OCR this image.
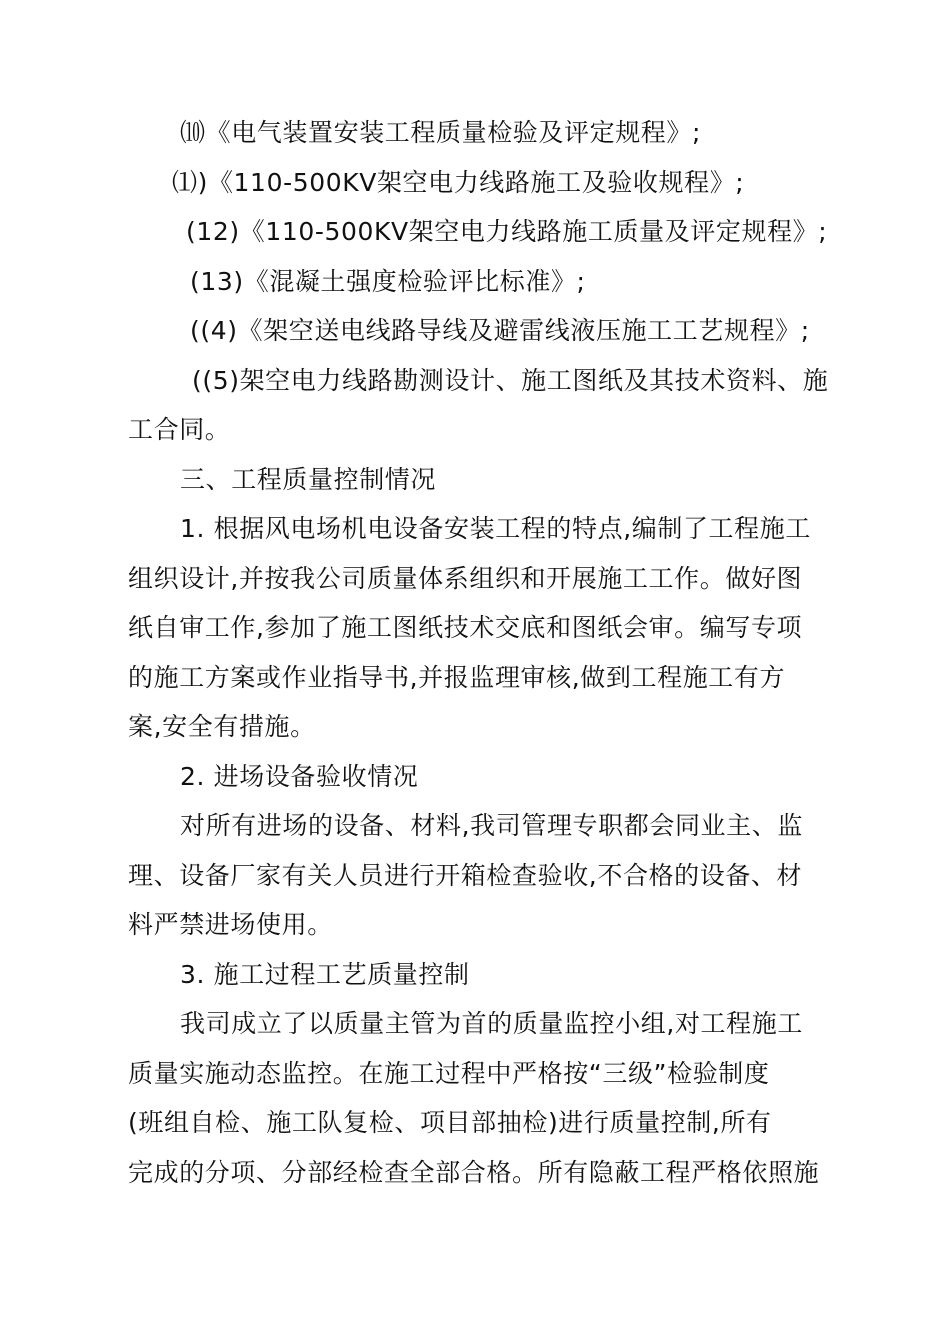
⑽《电气装置安装工程质量检验及评定规程》;
⑴)《110-500KV架空电力线路施工及验收规程》;
(12)《110-500KV架空电力线路施工质量及评定规程》;
(13)《混凝土强度检验评比标准》;
((4)《架空送电线路导线及避雷线液压施工工艺规程》;
((5)架空电力线路勘测设计、施工图纸及其技术资料、施
工合同。
三、工程质量控制情况
1. 根据风电场机电设备安装工程的特点,编制了工程施工
组织设计,并按我公司质量体系组织和开展施工工作。做好图
纸自审工作,参加了施工图纸技术交底和图纸会审。编写专项
的施工方案或作业指导书,并报监理审核,做到工程施工有方
案,安全有措施。
2. 进场设备验收情况
对所有进场的设备、材料,我司管理专职都会同业主、监
理、设备厂家有关人员进行开箱检查验收,不合格的设备、材
料严禁进场使用。
3. 施工过程工艺质量控制
我司成立了以质量主管为首的质量监控小组,对工程施工
质量实施动态监控。在施工过程中严格按“三级”检验制度
(班组自检、施工队复检、项目部抽检)进行质量控制,所有
完成的分项、分部经检查全部合格。所有隐蔽工程严格依照施
